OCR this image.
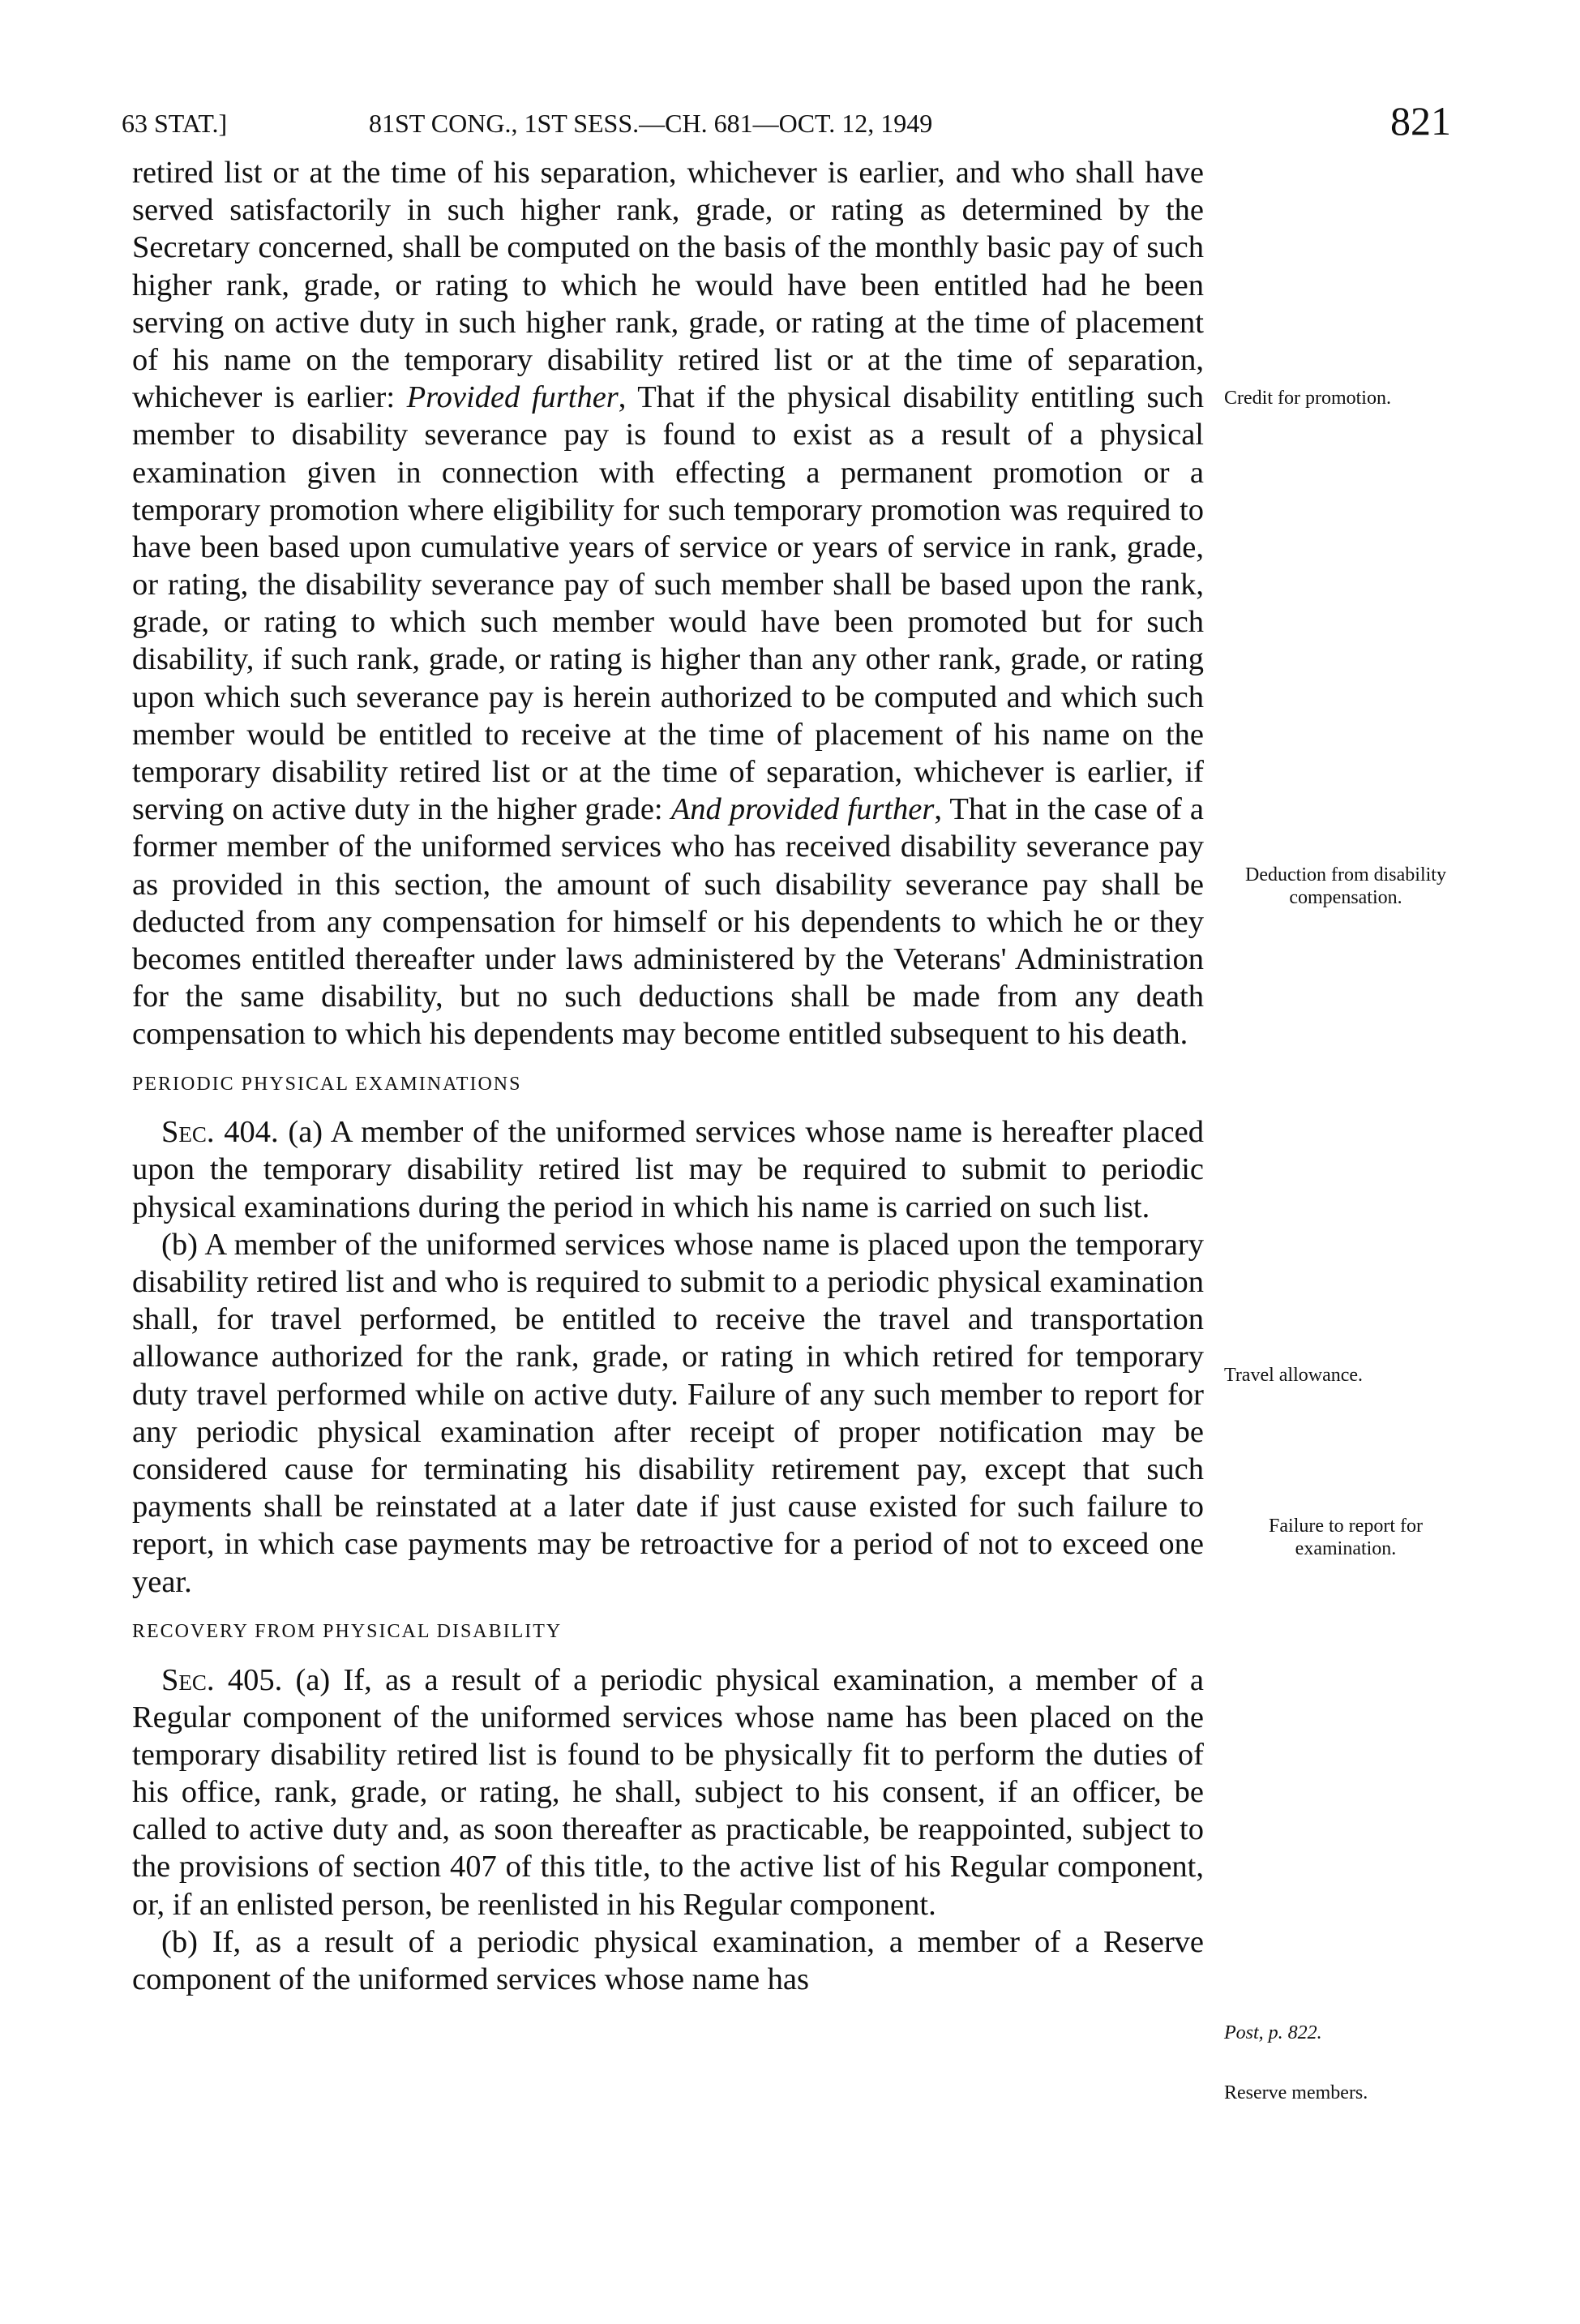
63 STAT.]	81ST CONG., 1ST SESS.—CH. 681—OCT. 12, 1949	821

retired list or at the time of his separation, whichever is earlier, and who shall have served satisfactorily in such higher rank, grade, or rating as determined by the Secretary concerned, shall be computed on the basis of the monthly basic pay of such higher rank, grade, or rating to which he would have been entitled had he been serving on active duty in such higher rank, grade, or rating at the time of placement of his name on the temporary disability retired list or at the time of separation, whichever is earlier: Provided further, That if the physical disability entitling such member to disability severance pay is found to exist as a result of a physical examination given in connection with effecting a permanent promotion or a temporary promotion where eligibility for such temporary promotion was required to have been based upon cumulative years of service or years of service in rank, grade, or rating, the disability severance pay of such member shall be based upon the rank, grade, or rating to which such member would have been promoted but for such disability, if such rank, grade, or rating is higher than any other rank, grade, or rating upon which such severance pay is herein authorized to be computed and which such member would be entitled to receive at the time of placement of his name on the temporary disability retired list or at the time of separation, whichever is earlier, if serving on active duty in the higher grade: And provided further, That in the case of a former member of the uniformed services who has received disability severance pay as provided in this section, the amount of such disability severance pay shall be deducted from any compensation for himself or his dependents to which he or they becomes entitled thereafter under laws administered by the Veterans' Administration for the same disability, but no such deductions shall be made from any death compensation to which his dependents may become entitled subsequent to his death.

PERIODIC PHYSICAL EXAMINATIONS

Sec. 404. (a) A member of the uniformed services whose name is hereafter placed upon the temporary disability retired list may be required to submit to periodic physical examinations during the period in which his name is carried on such list.

(b) A member of the uniformed services whose name is placed upon the temporary disability retired list and who is required to submit to a periodic physical examination shall, for travel performed, be entitled to receive the travel and transportation allowance authorized for the rank, grade, or rating in which retired for temporary duty travel performed while on active duty. Failure of any such member to report for any periodic physical examination after receipt of proper notification may be considered cause for terminating his disability retirement pay, except that such payments shall be reinstated at a later date if just cause existed for such failure to report, in which case payments may be retroactive for a period of not to exceed one year.

RECOVERY FROM PHYSICAL DISABILITY

Sec. 405. (a) If, as a result of a periodic physical examination, a member of a Regular component of the uniformed services whose name has been placed on the temporary disability retired list is found to be physically fit to perform the duties of his office, rank, grade, or rating, he shall, subject to his consent, if an officer, be called to active duty and, as soon thereafter as practicable, be reappointed, subject to the provisions of section 407 of this title, to the active list of his Regular component, or, if an enlisted person, be reenlisted in his Regular component.

(b) If, as a result of a periodic physical examination, a member of a Reserve component of the uniformed services whose name has

Credit for promotion.
Deduction from disability compensation.
Travel allowance.
Failure to report for examination.
Post, p. 822.
Reserve members.
